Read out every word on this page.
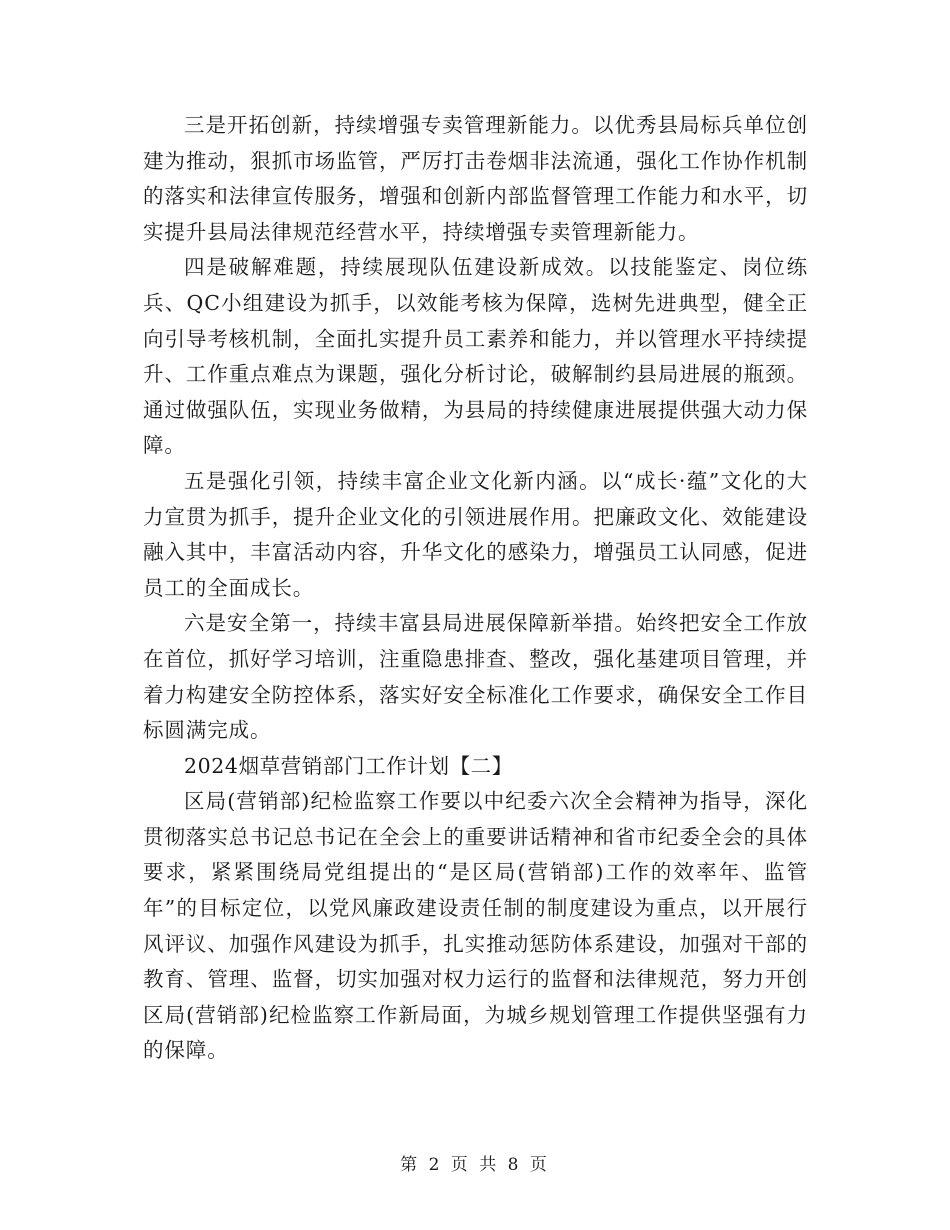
三是开拓创新，持续增强专卖管理新能力。以优秀县局标兵单位创建为推动，狠抓市场监管，严厉打击卷烟非法流通，强化工作协作机制的落实和法律宣传服务，增强和创新内部监督管理工作能力和水平，切实提升县局法律规范经营水平，持续增强专卖管理新能力。

四是破解难题，持续展现队伍建设新成效。以技能鉴定、岗位练兵、QC小组建设为抓手，以效能考核为保障，选树先进典型，健全正向引导考核机制，全面扎实提升员工素养和能力，并以管理水平持续提升、工作重点难点为课题，强化分析讨论，破解制约县局进展的瓶颈。通过做强队伍，实现业务做精，为县局的持续健康进展提供强大动力保障。

五是强化引领，持续丰富企业文化新内涵。以“成长·蕴”文化的大力宣贯为抓手，提升企业文化的引领进展作用。把廉政文化、效能建设融入其中，丰富活动内容，升华文化的感染力，增强员工认同感，促进员工的全面成长。

六是安全第一，持续丰富县局进展保障新举措。始终把安全工作放在首位，抓好学习培训，注重隐患排查、整改，强化基建项目管理，并着力构建安全防控体系，落实好安全标准化工作要求，确保安全工作目标圆满完成。

2024烟草营销部门工作计划【二】

区局(营销部)纪检监察工作要以中纪委六次全会精神为指导，深化贯彻落实总书记总书记在全会上的重要讲话精神和省市纪委全会的具体要求，紧紧围绕局党组提出的“是区局(营销部)工作的效率年、监管年”的目标定位，以党风廉政建设责任制的制度建设为重点，以开展行风评议、加强作风建设为抓手，扎实推动惩防体系建设，加强对干部的教育、管理、监督，切实加强对权力运行的监督和法律规范，努力开创区局(营销部)纪检监察工作新局面，为城乡规划管理工作提供坚强有力的保障。

第 2 页 共 8 页
